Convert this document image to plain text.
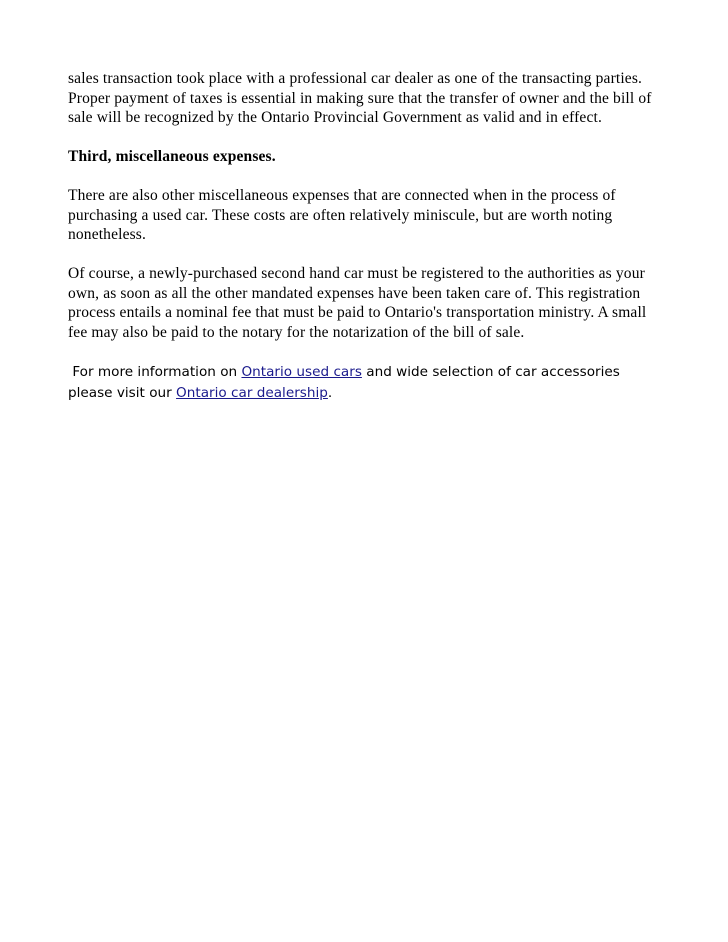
sales transaction took place with a professional car dealer as one of the transacting parties. Proper payment of taxes is essential in making sure that the transfer of owner and the bill of sale will be recognized by the Ontario Provincial Government as valid and in effect.

Third, miscellaneous expenses.

There are also other miscellaneous expenses that are connected when in the process of purchasing a used car. These costs are often relatively miniscule, but are worth noting nonetheless.

Of course, a newly-purchased second hand car must be registered to the authorities as your own, as soon as all the other mandated expenses have been taken care of. This registration process entails a nominal fee that must be paid to Ontario's transportation ministry. A small fee may also be paid to the notary for the notarization of the bill of sale.

For more information on Ontario used cars and wide selection of car accessories please visit our Ontario car dealership.
